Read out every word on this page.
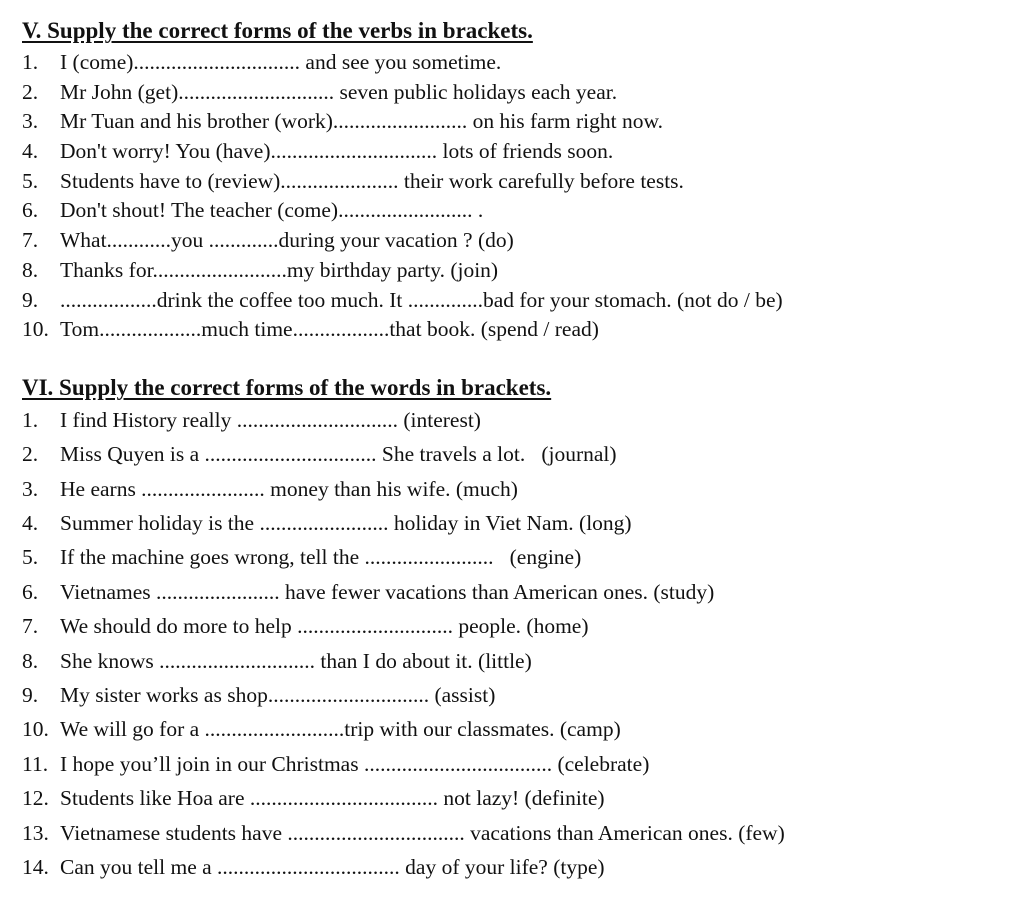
V. Supply the correct forms of the verbs in brackets.
1.	I (come)............................... and see you sometime.
2.	Mr John (get)............................. seven public holidays each year.
3.	Mr Tuan and his brother (work)......................... on his farm right now.
4.	Don't worry! You (have)............................... lots of friends soon.
5.	Students have to (review)...................... their work carefully before tests.
6.	Don't shout! The teacher (come)......................... .
7.	What............you .............during your vacation ? (do)
8.	Thanks for.........................my birthday party. (join)
9.	..................drink the coffee too much. It ..............bad for your stomach. (not do / be)
10. Tom...................much time..................that book. (spend / read)
VI. Supply the correct forms of the words in brackets.
1.	I find History really .............................. (interest)
2.	Miss Quyen is a ................................ She travels a lot.   (journal)
3.	He earns ....................... money than his wife. (much)
4.	Summer holiday is the ........................ holiday in Viet Nam. (long)
5.	If the machine goes wrong, tell the ........................   (engine)
6.	Vietnames ....................... have fewer vacations than American ones. (study)
7.	We should do more to help ............................. people. (home)
8.	She knows ............................. than I do about it. (little)
9.	My sister works as shop.............................. (assist)
10. We will go for a ..........................trip with our classmates. (camp)
11. I hope you’ll join in our Christmas ................................... (celebrate)
12. Students like Hoa are ................................... not lazy! (definite)
13. Vietnamese students have ................................. vacations than American ones. (few)
14. Can you tell me a .................................. day of your life? (type)
